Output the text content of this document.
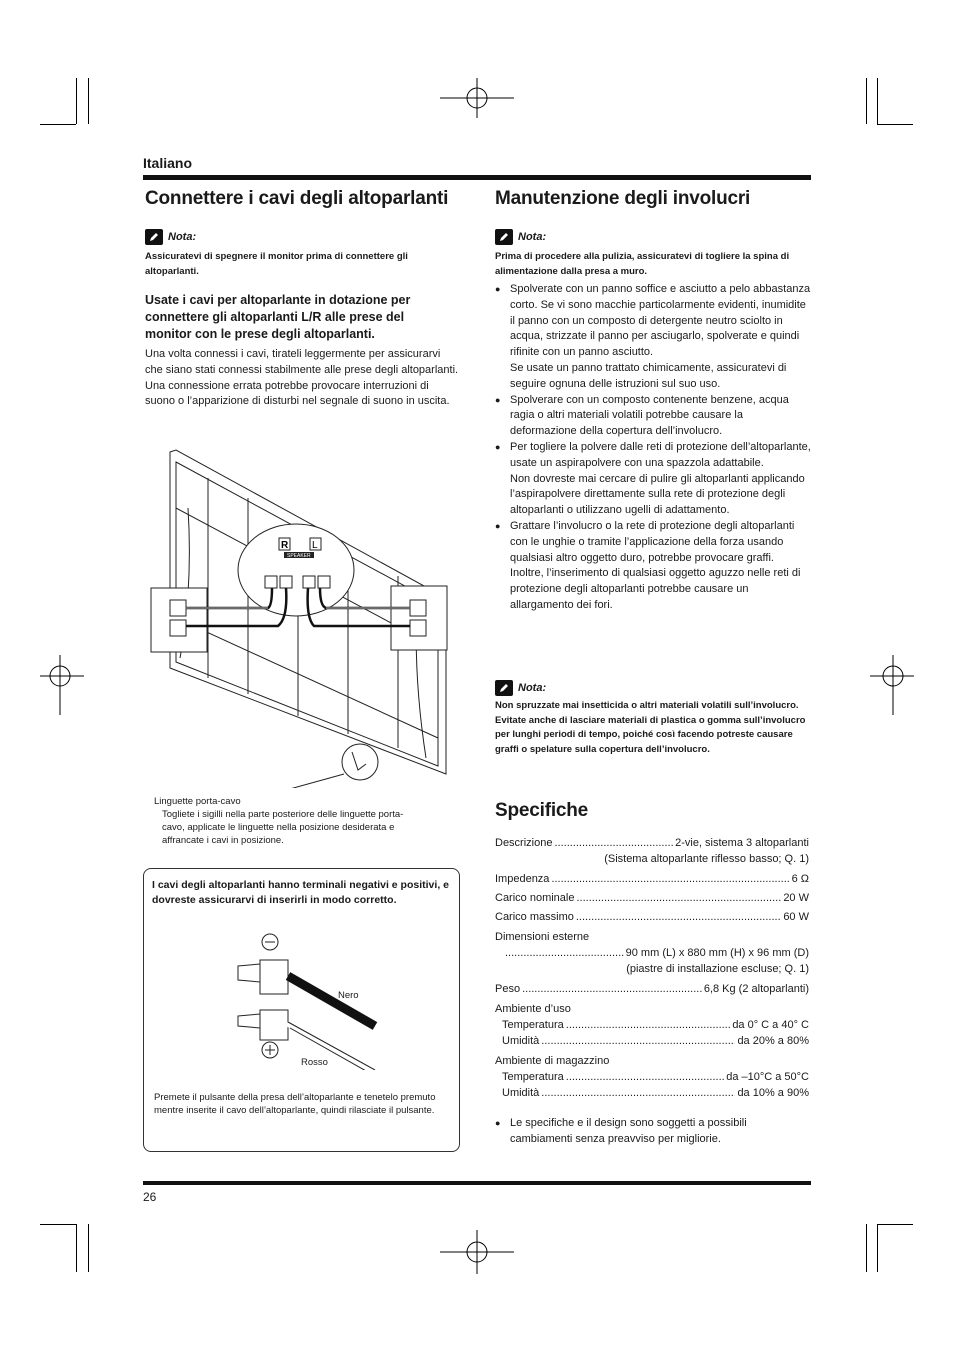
Italiano
Connettere i cavi degli altoparlanti
Nota:
Assicuratevi di spegnere il monitor prima di connettere gli altoparlanti.
Usate i cavi per altoparlante in dotazione per connettere gli altoparlanti L/R alle prese del monitor con le prese degli altoparlanti.
Una volta connessi i cavi, tirateli leggermente per assicurarvi che siano stati connessi stabilmente alle prese degli altoparlanti. Una connessione errata potrebbe provocare interruzioni di suono o l’apparizione di disturbi nel segnale di suono in uscita.
R L
SPEAKER
Linguette porta-cavo
Togliete i sigilli nella parte posteriore delle linguette porta-cavo, applicate le linguette nella posizione desiderata e affrancate i cavi in posizione.
I cavi degli altoparlanti hanno terminali negativi e positivi, e dovreste assicurarvi di inserirli in modo corretto.
Nero
Rosso
Premete il pulsante della presa dell’altoparlante e tenetelo premuto mentre inserite il cavo dell’altoparlante, quindi rilasciate il pulsante.
Manutenzione degli involucri
Nota:
Prima di procedere alla pulizia, assicuratevi di togliere la spina di alimentazione dalla presa a muro.
● Spolverate con un panno soffice e asciutto a pelo abbastanza corto. Se vi sono macchie particolarmente evidenti, inumidite il panno con un composto di detergente neutro sciolto in acqua, strizzate il panno per asciugarlo, spolverate e quindi rifinite con un panno asciutto.
Se usate un panno trattato chimicamente, assicuratevi di seguire ognuna delle istruzioni sul suo uso.
● Spolverare con un composto contenente benzene, acqua ragia o altri materiali volatili potrebbe causare la deformazione della copertura dell’involucro.
● Per togliere la polvere dalle reti di protezione dell’altoparlante, usate un aspirapolvere con una spazzola adattabile.
Non dovreste mai cercare di pulire gli altoparlanti applicando l’aspirapolvere direttamente sulla rete di protezione degli altoparlanti o utilizzano ugelli di adattamento.
● Grattare l’involucro o la rete di protezione degli altoparlanti con le unghie o tramite l’applicazione della forza usando qualsiasi altro oggetto duro, potrebbe provocare graffi.
Inoltre, l’inserimento di qualsiasi oggetto aguzzo nelle reti di protezione degli altoparlanti potrebbe causare un allargamento dei fori.
Nota:
Non spruzzate mai insetticida o altri materiali volatili sull’involucro. Evitate anche di lasciare materiali di plastica o gomma sull’involucro per lunghi periodi di tempo, poiché così facendo potreste causare graffi o spelature sulla copertura dell’involucro.
Specifiche
Descrizione .....	2-vie, sistema 3 altoparlanti
(Sistema altoparlante riflesso basso; Q. 1)
Impedenza .....	6 Ω
Carico nominale .....	20 W
Carico massimo .....	60 W
Dimensioni esterne
.....
90 mm (L) x 880 mm (H) x 96 mm (D)
(piastre di installazione escluse; Q. 1)
Peso .....	6,8 Kg (2 altoparlanti)
Ambiente d’uso
Temperatura .....	da 0° C a 40° C
Umidità .....	da 20% a 80%
Ambiente di magazzino
Temperatura .....	da –10°C a 50°C
Umidità .....	da 10% a 90%
● Le specifiche e il design sono soggetti a possibili cambiamenti senza preavviso per migliorie.
26
